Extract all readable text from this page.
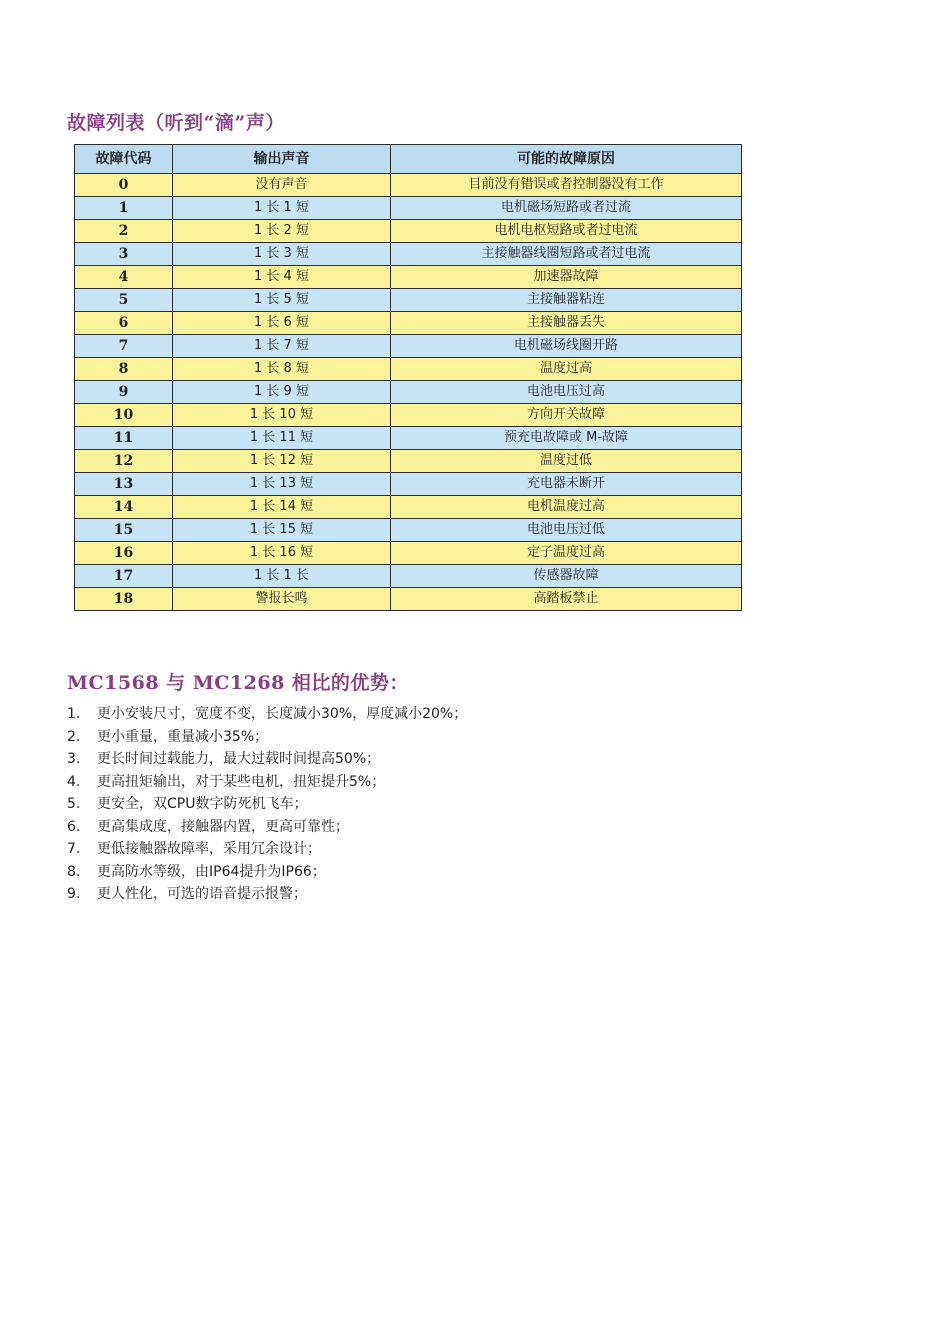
故障列表（听到“滴”声）
故障代码	输出声音	可能的故障原因
0	没有声音	目前没有错误或者控制器没有工作
1	1 长 1 短	电机磁场短路或者过流
2	1 长 2 短	电机电枢短路或者过电流
3	1 长 3 短	主接触器线圈短路或者过电流
4	1 长 4 短	加速器故障
5	1 长 5 短	主接触器粘连
6	1 长 6 短	主接触器丢失
7	1 长 7 短	电机磁场线圈开路
8	1 长 8 短	温度过高
9	1 长 9 短	电池电压过高
10	1 长 10 短	方向开关故障
11	1 长 11 短	预充电故障或 M-故障
12	1 长 12 短	温度过低
13	1 长 13 短	充电器未断开
14	1 长 14 短	电机温度过高
15	1 长 15 短	电池电压过低
16	1 长 16 短	定子温度过高
17	1 长 1 长	传感器故障
18	警报长鸣	高踏板禁止
MC1568 与 MC1268 相比的优势：
1. 更小安装尺寸，宽度不变，长度减小30%，厚度减小20%；
2. 更小重量，重量减小35%；
3. 更长时间过载能力，最大过载时间提高50%；
4. 更高扭矩输出，对于某些电机，扭矩提升5%；
5. 更安全，双CPU数字防死机飞车；
6. 更高集成度，接触器内置，更高可靠性；
7. 更低接触器故障率，采用冗余设计；
8. 更高防水等级，由IP64提升为IP66；
9. 更人性化，可选的语音提示报警；
